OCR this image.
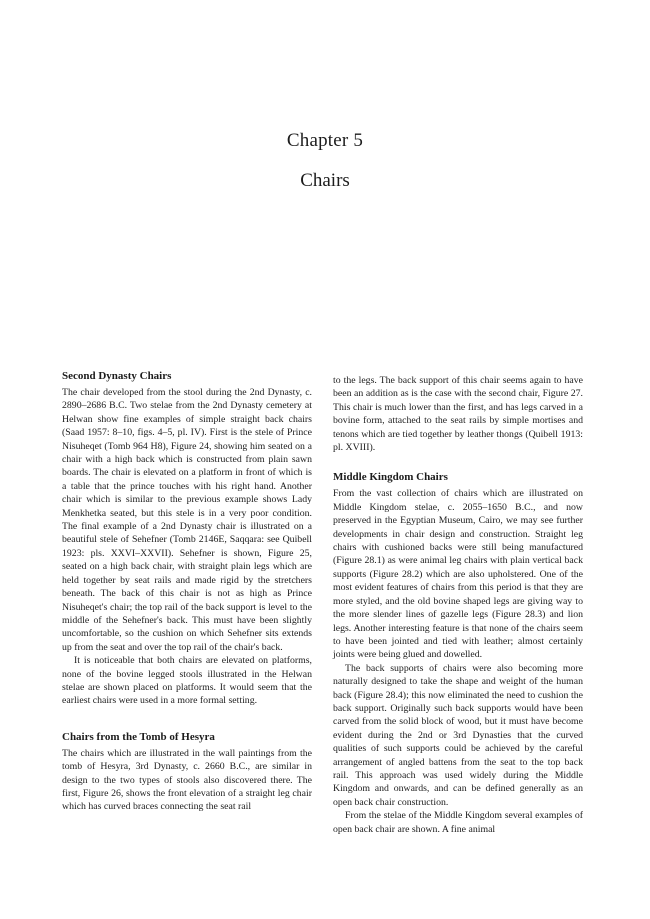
Chapter 5
Chairs
Second Dynasty Chairs

The chair developed from the stool during the 2nd Dynasty, c. 2890–2686 B.C. Two stelae from the 2nd Dynasty cemetery at Helwan show fine examples of simple straight back chairs (Saad 1957: 8–10, figs. 4–5, pl. IV). First is the stele of Prince Nisuheqet (Tomb 964 H8), Figure 24, showing him seated on a chair with a high back which is constructed from plain sawn boards. The chair is elevated on a platform in front of which is a table that the prince touches with his right hand. Another chair which is similar to the previous example shows Lady Menkhetka seated, but this stele is in a very poor condition. The final example of a 2nd Dynasty chair is illustrated on a beautiful stele of Sehefner (Tomb 2146E, Saqqara: see Quibell 1923: pls. XXVI–XXVII). Sehefner is shown, Figure 25, seated on a high back chair, with straight plain legs which are held together by seat rails and made rigid by the stretchers beneath. The back of this chair is not as high as Prince Nisuheqet's chair; the top rail of the back support is level to the middle of the Sehefner's back. This must have been slightly uncomfortable, so the cushion on which Sehefner sits extends up from the seat and over the top rail of the chair's back.

It is noticeable that both chairs are elevated on platforms, none of the bovine legged stools illustrated in the Helwan stelae are shown placed on platforms. It would seem that the earliest chairs were used in a more formal setting.

Chairs from the Tomb of Hesyra

The chairs which are illustrated in the wall paintings from the tomb of Hesyra, 3rd Dynasty, c. 2660 B.C., are similar in design to the two types of stools also discovered there. The first, Figure 26, shows the front elevation of a straight leg chair which has curved braces connecting the seat rail

to the legs. The back support of this chair seems again to have been an addition as is the case with the second chair, Figure 27. This chair is much lower than the first, and has legs carved in a bovine form, attached to the seat rails by simple mortises and tenons which are tied together by leather thongs (Quibell 1913: pl. XVIII).

Middle Kingdom Chairs

From the vast collection of chairs which are illustrated on Middle Kingdom stelae, c. 2055–1650 B.C., and now preserved in the Egyptian Museum, Cairo, we may see further developments in chair design and construction. Straight leg chairs with cushioned backs were still being manufactured (Figure 28.1) as were animal leg chairs with plain vertical back supports (Figure 28.2) which are also upholstered. One of the most evident features of chairs from this period is that they are more styled, and the old bovine shaped legs are giving way to the more slender lines of gazelle legs (Figure 28.3) and lion legs. Another interesting feature is that none of the chairs seem to have been jointed and tied with leather; almost certainly joints were being glued and dowelled.

The back supports of chairs were also becoming more naturally designed to take the shape and weight of the human back (Figure 28.4); this now eliminated the need to cushion the back support. Originally such back supports would have been carved from the solid block of wood, but it must have become evident during the 2nd or 3rd Dynasties that the curved qualities of such supports could be achieved by the careful arrangement of angled battens from the seat to the top back rail. This approach was used widely during the Middle Kingdom and onwards, and can be defined generally as an open back chair construction.

From the stelae of the Middle Kingdom several examples of open back chair are shown. A fine animal
